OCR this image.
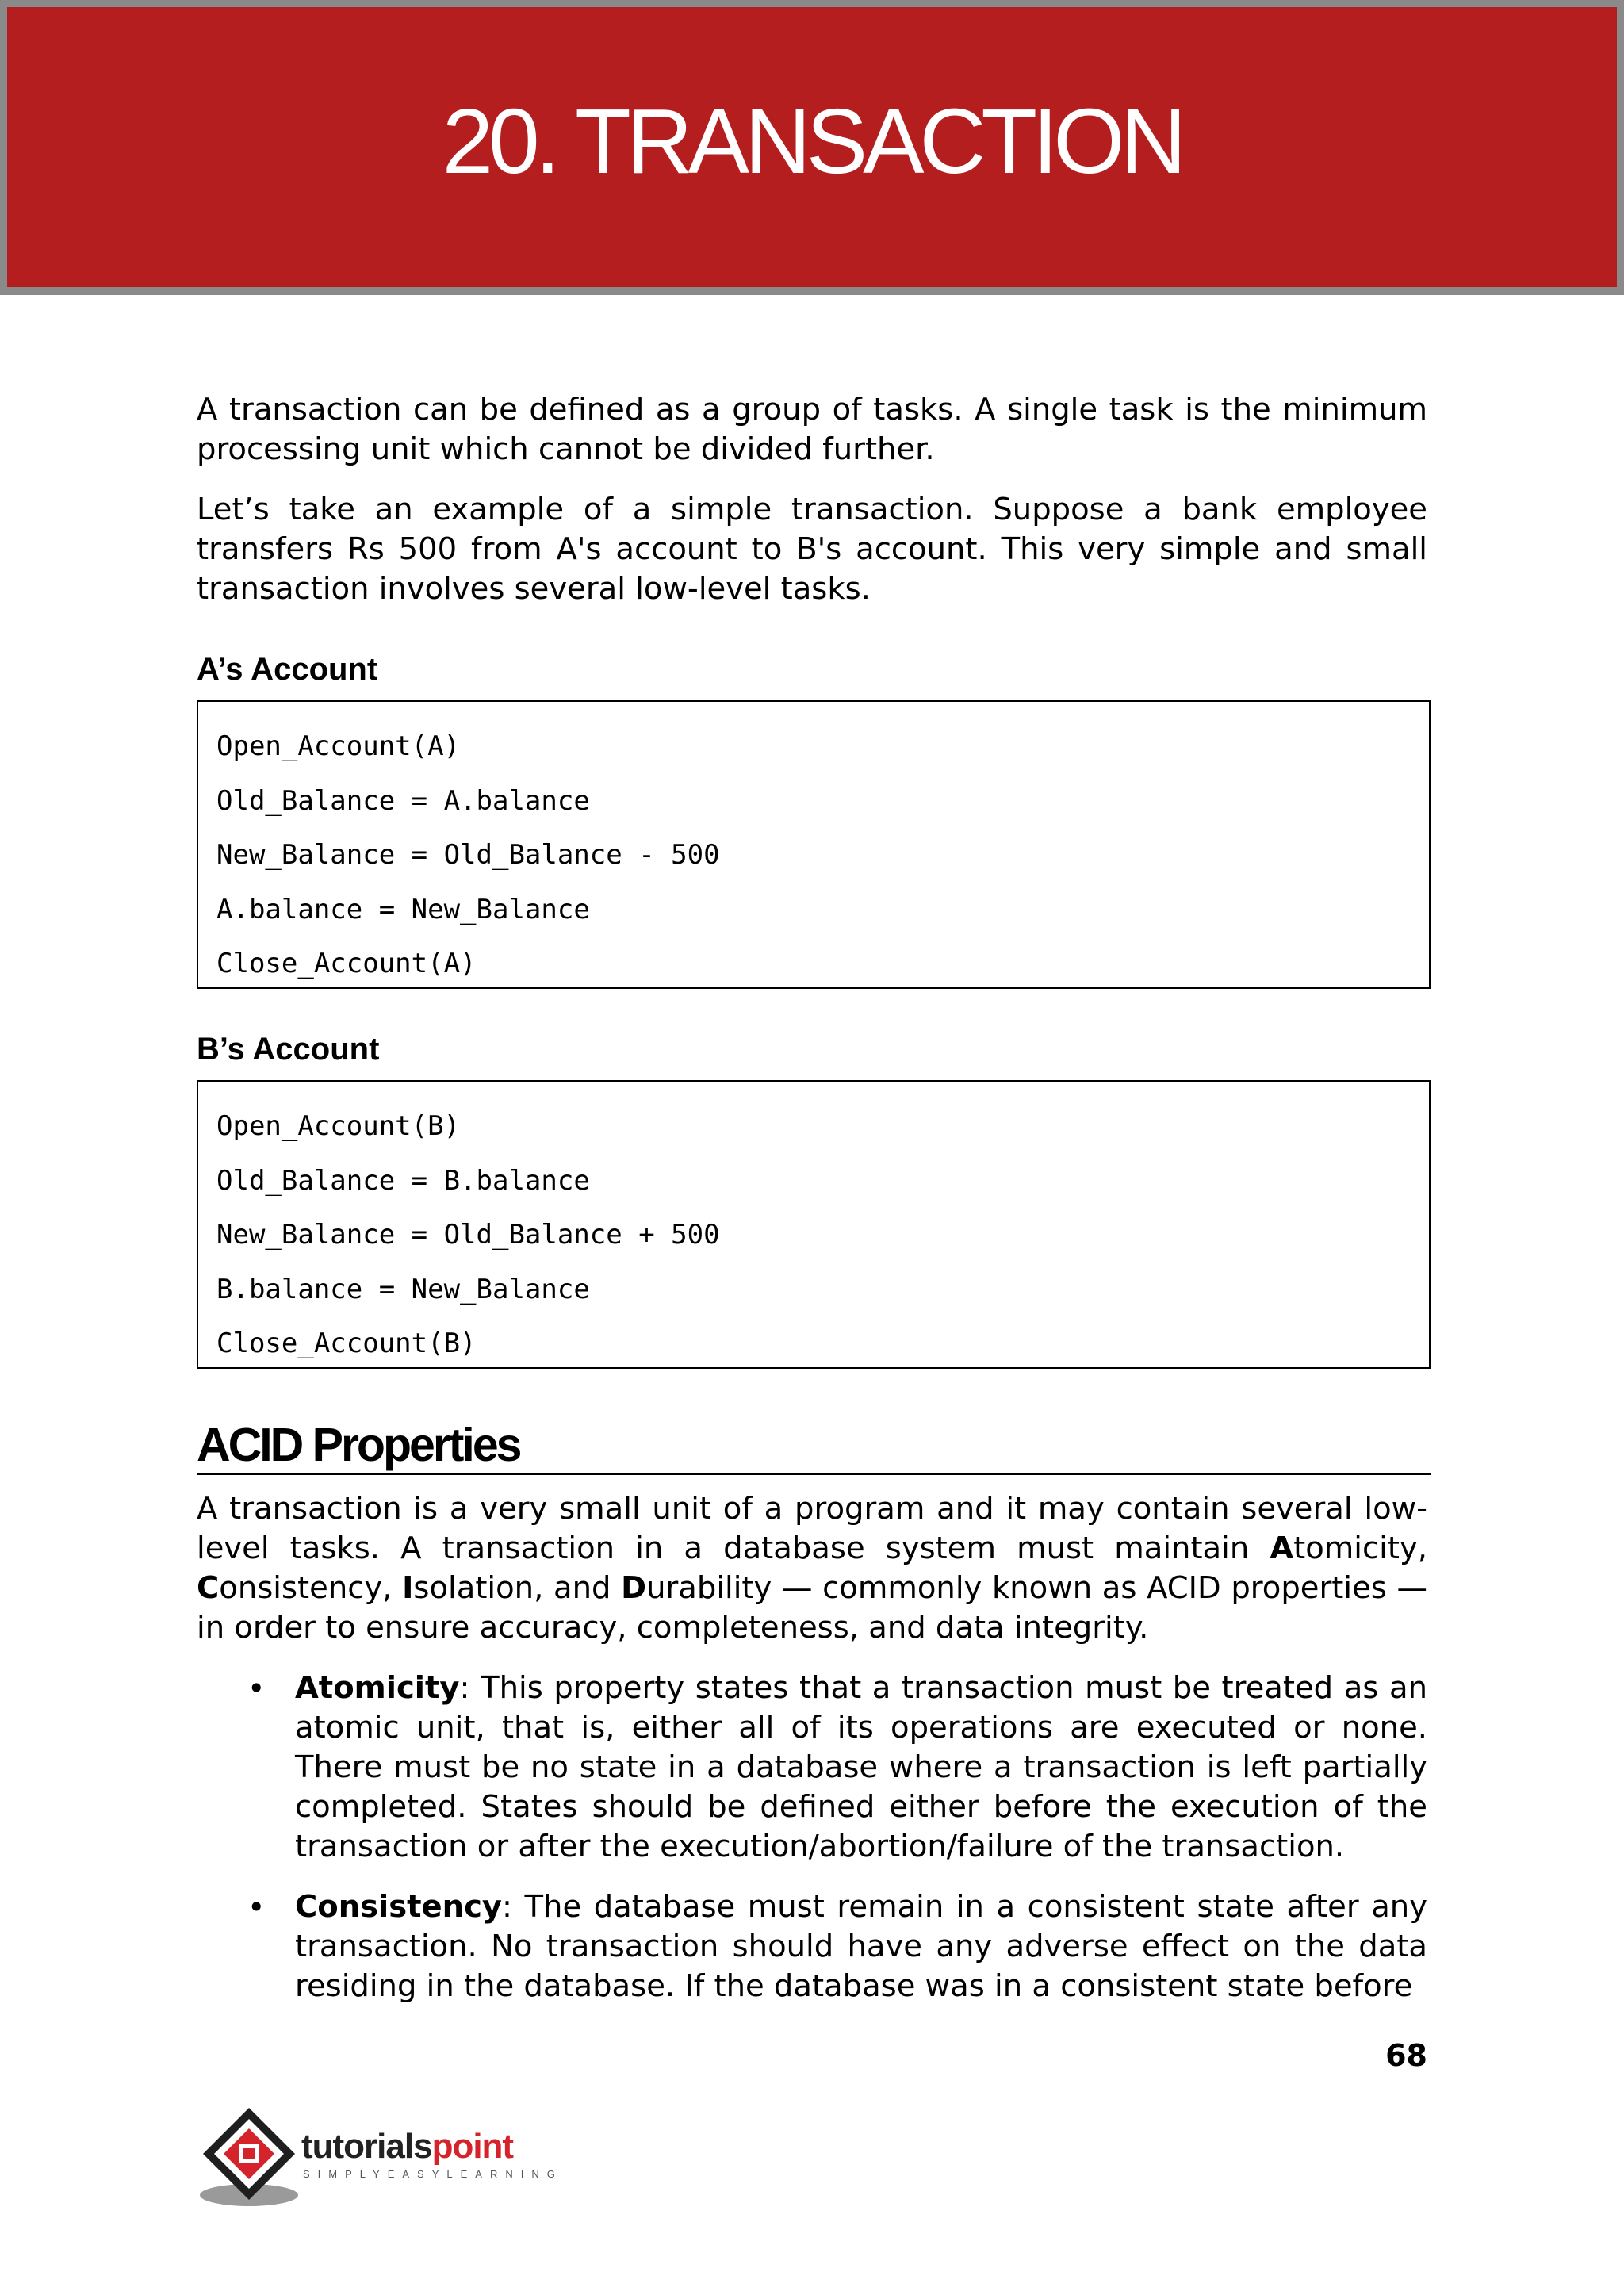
20. TRANSACTION

A transaction can be defined as a group of tasks. A single task is the minimum processing unit which cannot be divided further.

Let’s take an example of a simple transaction. Suppose a bank employee transfers Rs 500 from A's account to B's account. This very simple and small transaction involves several low-level tasks.

A’s Account
Open_Account(A)
Old_Balance = A.balance
New_Balance = Old_Balance - 500
A.balance = New_Balance
Close_Account(A)
B’s Account
Open_Account(B)
Old_Balance = B.balance
New_Balance = Old_Balance + 500
B.balance = New_Balance
Close_Account(B)
ACID Properties

A transaction is a very small unit of a program and it may contain several low-level tasks. A transaction in a database system must maintain Atomicity, Consistency, Isolation, and Durability — commonly known as ACID properties — in order to ensure accuracy, completeness, and data integrity.

• Atomicity: This property states that a transaction must be treated as an atomic unit, that is, either all of its operations are executed or none. There must be no state in a database where a transaction is left partially completed. States should be defined either before the execution of the transaction or after the execution/abortion/failure of the transaction.

• Consistency: The database must remain in a consistent state after any transaction. No transaction should have any adverse effect on the data residing in the database. If the database was in a consistent state before

68
tutorialspoint
SIMPLYEASYLEARNING
